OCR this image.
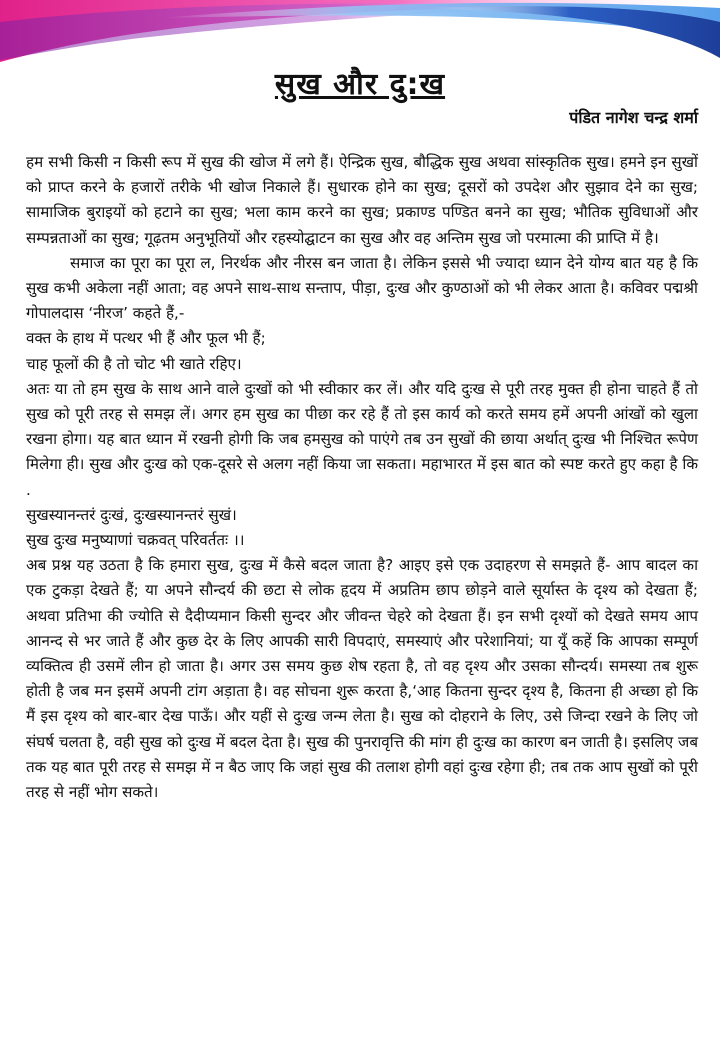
सुख और दु:ख

पंडित नागेश चन्द्र शर्मा

हम सभी किसी न किसी रूप में सुख की खोज में लगे हैं। ऐन्द्रिक सुख, बौद्धिक सुख अथवा सांस्कृतिक सुख। हमने इन सुखों को प्राप्त करने के हजारों तरीके भी खोज निकाले हैं। सुधारक होने का सुख; दूसरों को उपदेश और सुझाव देने का सुख; सामाजिक बुराइयों को हटाने का सुख; भला काम करने का सुख; प्रकाण्ड पण्डित बनने का सुख; भौतिक सुविधाओं और सम्पन्नताओं का सुख; गूढ़तम अनुभूतियों और रहस्योद्घाटन का सुख और वह अन्तिम सुख जो परमात्मा की प्राप्ति में है।

समाज का पूरा का पूरा ल, निरर्थक और नीरस बन जाता है। लेकिन इससे भी ज्यादा ध्यान देने योग्य बात यह है कि सुख कभी अकेला नहीं आता; वह अपने साथ-साथ सन्ताप, पीड़ा, दुःख और कुण्ठाओं को भी लेकर आता है। कविवर पद्मश्री गोपालदास ‘नीरज’ कहते हैं,-

वक्त के हाथ में पत्थर भी हैं और फूल भी हैं;

चाह फूलों की है तो चोट भी खाते रहिए।

अतः या तो हम सुख के साथ आने वाले दुःखों को भी स्वीकार कर लें। और यदि दुःख से पूरी तरह मुक्त ही होना चाहते हैं तो सुख को पूरी तरह से समझ लें। अगर हम सुख का पीछा कर रहे हैं तो इस कार्य को करते समय हमें अपनी आंखों को खुला रखना होगा। यह बात ध्यान में रखनी होगी कि जब हमसुख को पाएंगे तब उन सुखों की छाया अर्थात् दुःख भी निश्चित रूपेण मिलेगा ही। सुख और दुःख को एक-दूसरे से अलग नहीं किया जा सकता। महाभारत में इस बात को स्पष्ट करते हुए कहा है कि .

सुखस्यानन्तरं दुःखं, दुःखस्यानन्तरं सुखं।

सुख दुःख मनुष्याणां चक्रवत् परिवर्ततः ।।

अब प्रश्न यह उठता है कि हमारा सुख, दुःख में कैसे बदल जाता है? आइए इसे एक उदाहरण से समझते हैं- आप बादल का एक टुकड़ा देखते हैं; या अपने सौन्दर्य की छटा से लोक हृदय में अप्रतिम छाप छोड़ने वाले सूर्यास्त के दृश्य को देखता हैं; अथवा प्रतिभा की ज्योति से दैदीप्यमान किसी सुन्दर और जीवन्त चेहरे को देखता हैं। इन सभी दृश्यों को देखते समय आप आनन्द से भर जाते हैं और कुछ देर के लिए आपकी सारी विपदाएं, समस्याएं और परेशानियां; या यूँ कहें कि आपका सम्पूर्ण व्यक्तित्व ही उसमें लीन हो जाता है। अगर उस समय कुछ शेष रहता है, तो वह दृश्य और उसका सौन्दर्य। समस्या तब शुरू होती है जब मन इसमें अपनी टांग अड़ाता है। वह सोचना शुरू करता है,‘आह कितना सुन्दर दृश्य है, कितना ही अच्छा हो कि मैं इस दृश्य को बार-बार देख पाऊँ। और यहीं से दुःख जन्म लेता है। सुख को दोहराने के लिए, उसे जिन्दा रखने के लिए जो संघर्ष चलता है, वही सुख को दुःख में बदल देता है। सुख की पुनरावृत्ति की मांग ही दुःख का कारण बन जाती है। इसलिए जब तक यह बात पूरी तरह से समझ में न बैठ जाए कि जहां सुख की तलाश होगी वहां दुःख रहेगा ही; तब तक आप सुखों को पूरी तरह से नहीं भोग सकते।
